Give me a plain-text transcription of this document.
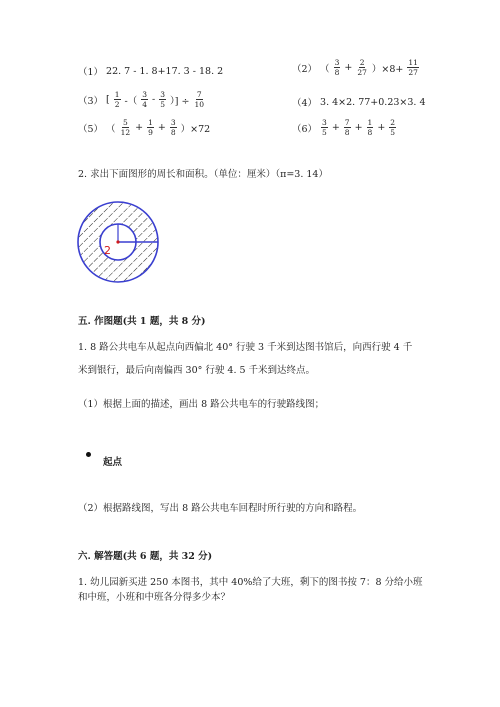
（1） 22. 7 - 1. 8+17. 3 - 18. 2	（2） （ $\frac{3}{8} + \frac{2}{27} )\times 8+ \frac{11}{27}$
（3） [ $\frac{1}{2}$ -（ $\frac{3}{4} - \frac{3}{5}$ ）] ÷ $\frac{7}{10}$	（4） 3. 4×2. 77+0.23×3. 4
（5） （ $\frac{5}{12} + \frac{1}{9} + \frac{3}{8} )\times 72$	$(6) \frac{3}{5} + \frac{7}{8} + \frac{1}{8} + \frac{2}{5}$
2. 求出下面图形的周长和面积。（单位：厘米）（π=3. 14）
2
五. 作图题(共 1 题，共 8 分)
1. 8 路公共电车从起点向西偏北 40° 行驶 3 千米到达图书馆后，向西行驶 4 千
米到银行，最后向南偏西 30° 行驶 4. 5 千米到达终点。
（1）根据上面的描述，画出 8 路公共电车的行驶路线图；
起点
（2）根据路线图，写出 8 路公共电车回程时所行驶的方向和路程。
六. 解答题(共 6 题，共 32 分)
1. 幼儿园新买进 250 本图书，其中 40%给了大班，剩下的图书按 7：8 分给小班
和中班，小班和中班各分得多少本？
